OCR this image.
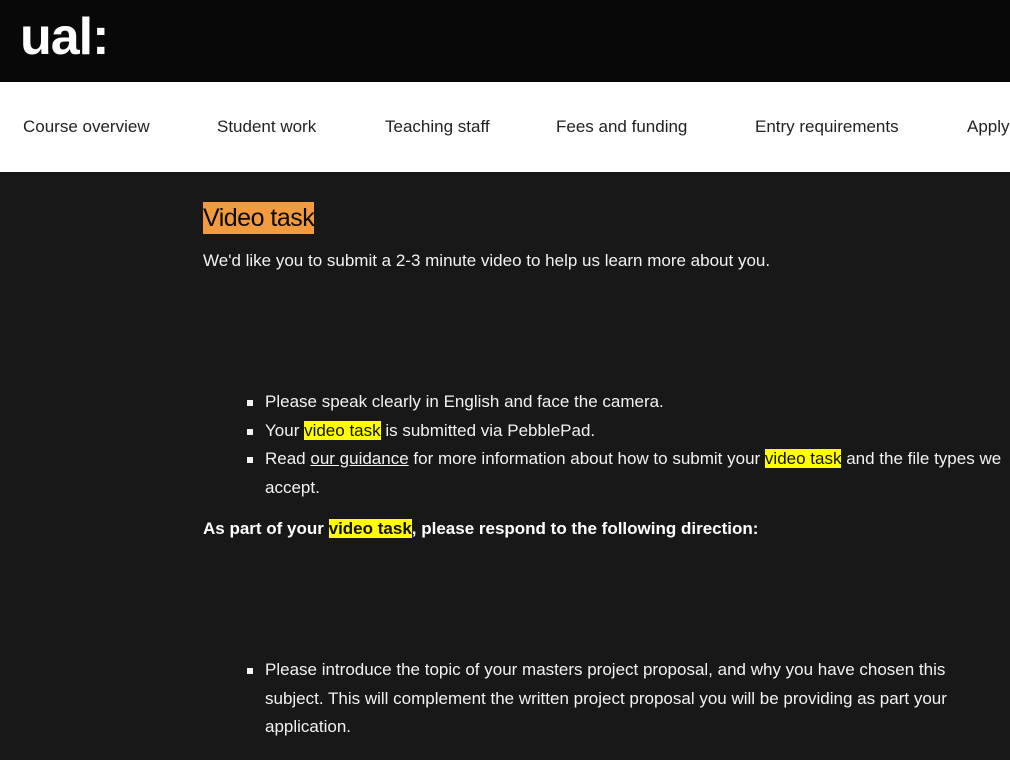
ual:
Course overview	Student work	Teaching staff	Fees and funding	Entry requirements	Apply
Video task
We'd like you to submit a 2-3 minute video to help us learn more about you.
Please speak clearly in English and face the camera.
Your video task is submitted via PebblePad.
Read our guidance for more information about how to submit your video task and the file types we accept.
As part of your video task, please respond to the following direction:
Please introduce the topic of your masters project proposal, and why you have chosen this subject. This will complement the written project proposal you will be providing as part your application.
